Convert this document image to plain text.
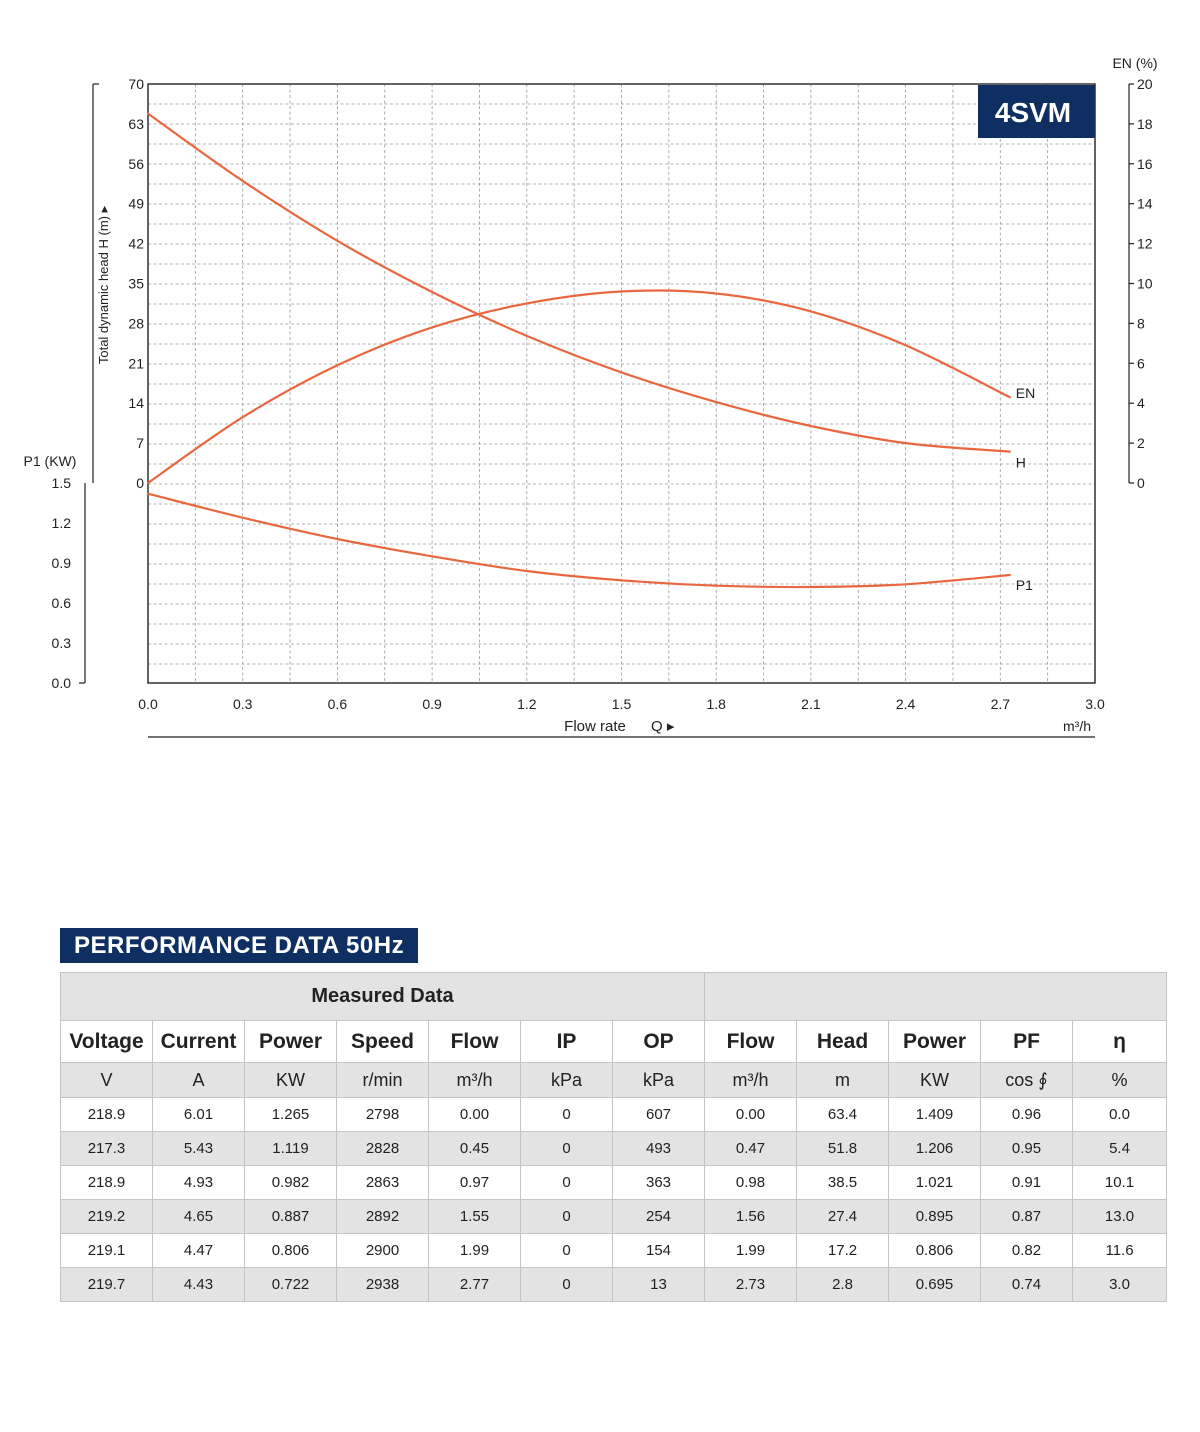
0.0	0.3	0.6	0.9	1.2	1.5	1.8	2.1	2.4	2.7	3.0
0
7
14
21
28
35
42
49
56
63
70
0.0
0.3
0.6
0.9
1.2
1.5	0
2
4
6
8
10
12
14
16
18
20
H
EN
P1
4SVM
Total dynamic head H (m) ▸
P1 (KW)
EN (%)
Flow rate Q ▸	m³/h
PERFORMANCE DATA 50Hz
Measured Data											
Voltage	Current	Power	Speed	Flow	IP	OP	Flow	Head	Power	PF	η
V	A	KW	r/min	m³/h	kPa	kPa	m³/h	m	KW	cos ∮	%
218.9	6.01	1.265	2798	0.00	0	607	0.00	63.4	1.409	0.96	0.0
217.3	5.43	1.119	2828	0.45	0	493	0.47	51.8	1.206	0.95	5.4
218.9	4.93	0.982	2863	0.97	0	363	0.98	38.5	1.021	0.91	10.1
219.2	4.65	0.887	2892	1.55	0	254	1.56	27.4	0.895	0.87	13.0
219.1	4.47	0.806	2900	1.99	0	154	1.99	17.2	0.806	0.82	11.6
219.7	4.43	0.722	2938	2.77	0	13	2.73	2.8	0.695	0.74	3.0
